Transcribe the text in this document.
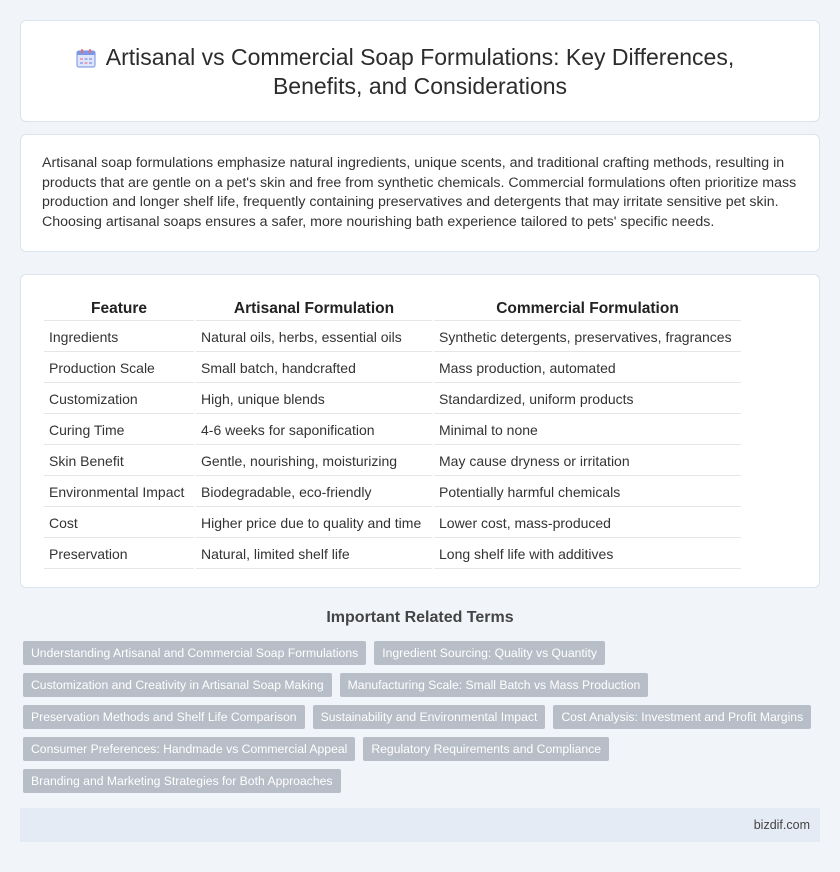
Artisanal vs Commercial Soap Formulations: Key Differences, Benefits, and Considerations

Artisanal soap formulations emphasize natural ingredients, unique scents, and traditional crafting methods, resulting in products that are gentle on a pet's skin and free from synthetic chemicals. Commercial formulations often prioritize mass production and longer shelf life, frequently containing preservatives and detergents that may irritate sensitive pet skin. Choosing artisanal soaps ensures a safer, more nourishing bath experience tailored to pets' specific needs.

Feature	Artisanal Formulation	Commercial Formulation
Ingredients	Natural oils, herbs, essential oils	Synthetic detergents, preservatives, fragrances
Production Scale	Small batch, handcrafted	Mass production, automated
Customization	High, unique blends	Standardized, uniform products
Curing Time	4-6 weeks for saponification	Minimal to none
Skin Benefit	Gentle, nourishing, moisturizing	May cause dryness or irritation
Environmental Impact	Biodegradable, eco-friendly	Potentially harmful chemicals
Cost	Higher price due to quality and time	Lower cost, mass-produced
Preservation	Natural, limited shelf life	Long shelf life with additives
Important Related Terms
Understanding Artisanal and Commercial Soap Formulations	Ingredient Sourcing: Quality vs Quantity
Customization and Creativity in Artisanal Soap Making	Manufacturing Scale: Small Batch vs Mass Production
Preservation Methods and Shelf Life Comparison	Sustainability and Environmental Impact	Cost Analysis: Investment and Profit Margins
Consumer Preferences: Handmade vs Commercial Appeal	Regulatory Requirements and Compliance
Branding and Marketing Strategies for Both Approaches
bizdif.com
